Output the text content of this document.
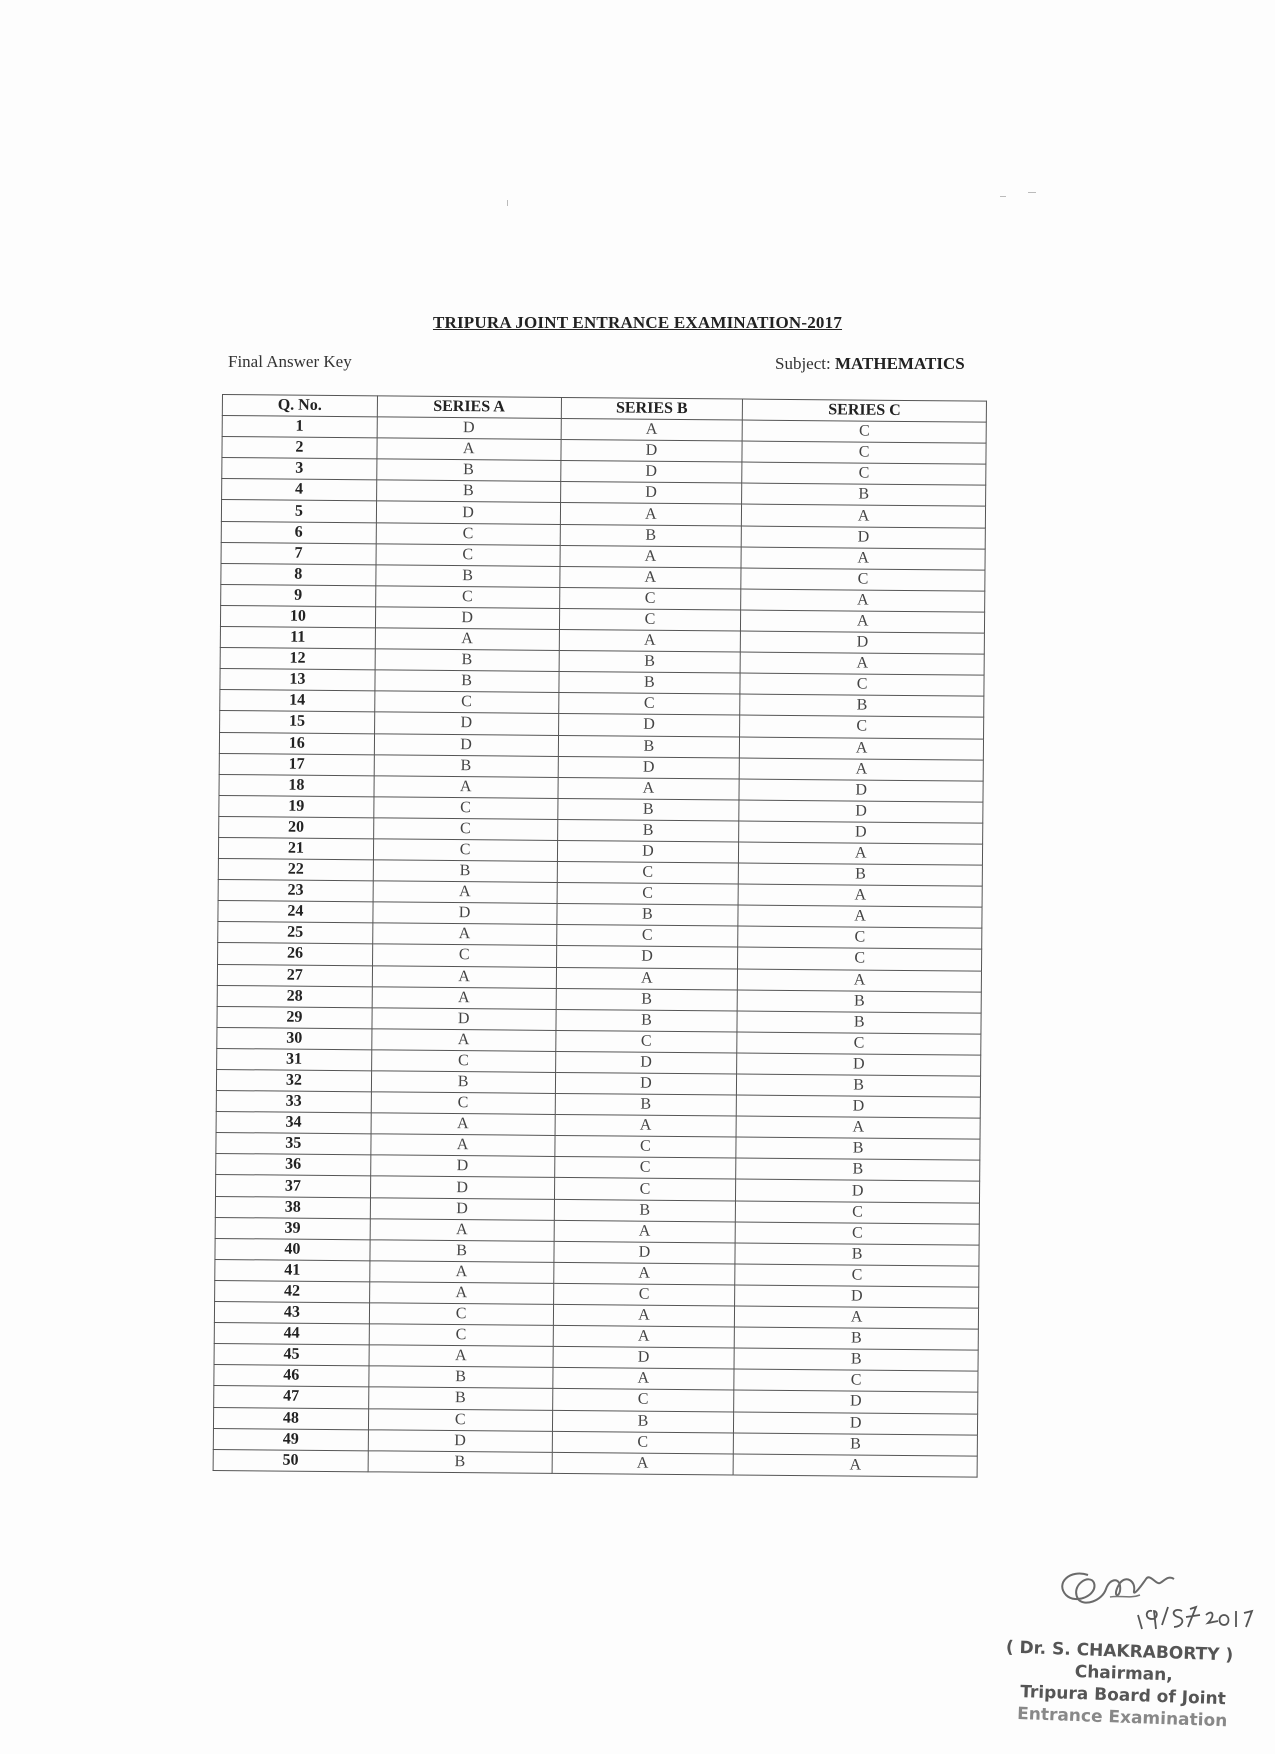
TRIPURA JOINT ENTRANCE EXAMINATION-2017
Final Answer Key	Subject: MATHEMATICS
Q. No.	SERIES A	SERIES B	SERIES C
1	D	A	C
2	A	D	C
3	B	D	C
4	B	D	B
5	D	A	A
6	C	B	D
7	C	A	A
8	B	A	C
9	C	C	A
10	D	C	A
11	A	A	D
12	B	B	A
13	B	B	C
14	C	C	B
15	D	D	C
16	D	B	A
17	B	D	A
18	A	A	D
19	C	B	D
20	C	B	D
21	C	D	A
22	B	C	B
23	A	C	A
24	D	B	A
25	A	C	C
26	C	D	C
27	A	A	A
28	A	B	B
29	D	B	B
30	A	C	C
31	C	D	D
32	B	D	B
33	C	B	D
34	A	A	A
35	A	C	B
36	D	C	B
37	D	C	D
38	D	B	C
39	A	A	C
40	B	D	B
41	A	A	C
42	A	C	D
43	C	A	A
44	C	A	B
45	A	D	B
46	B	A	C
47	B	C	D
48	C	B	D
49	D	C	B
50	B	A	A
( Dr. S. CHAKRABORTY )
Chairman,
Tripura Board of Joint
Entrance Examination
